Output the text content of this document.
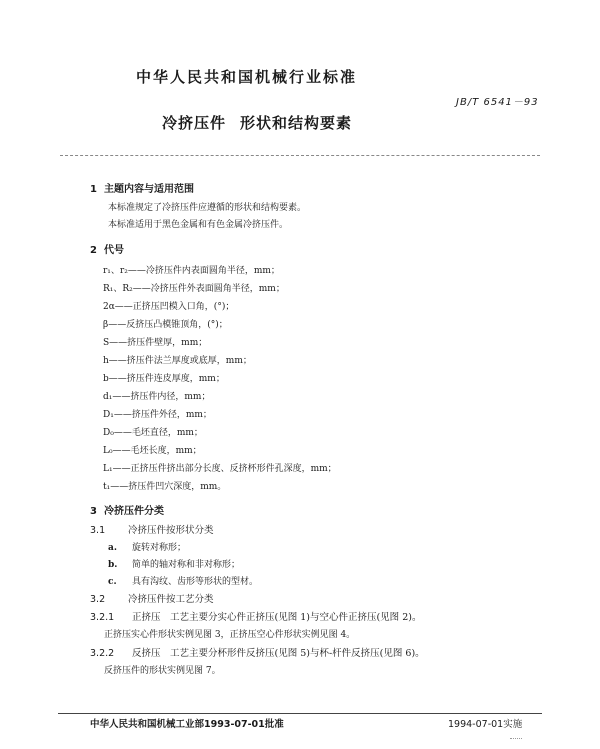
中华人民共和国机械行业标准
JB/T 6541－93
冷挤压件 形状和结构要素
1 主题内容与适用范围
本标准规定了冷挤压件应遵循的形状和结构要素。
本标准适用于黑色金属和有色金属冷挤压件。
2 代号
r₁、r₂——冷挤压件内表面圆角半径，mm；
R₁、R₂——冷挤压件外表面圆角半径，mm；
2α——正挤压凹模入口角，(°)；
β——反挤压凸模锥顶角，(°)；
S——挤压件壁厚，mm；
h——挤压件法兰厚度或底厚，mm；
b——挤压件连皮厚度，mm；
d₁——挤压件内径，mm；
D₁——挤压件外径，mm；
D₀——毛坯直径，mm；
L₀——毛坯长度，mm；
L₁——正挤压件挤出部分长度、反挤杯形件孔深度，mm；
t₁——挤压件凹穴深度，mm。
3 冷挤压件分类
3.1 冷挤压件按形状分类
a. 旋转对称形；
b. 简单的轴对称和非对称形；
c. 具有沟纹、齿形等形状的型材。
3.2 冷挤压件按工艺分类
3.2.1 正挤压　工艺主要分实心件正挤压(见图 1)与空心件正挤压(见图 2)。
正挤压实心件形状实例见图 3，正挤压空心件形状实例见图 4。
3.2.2 反挤压　工艺主要分杯形件反挤压(见图 5)与杯-杆件反挤压(见图 6)。
反挤压件的形状实例见图 7。
中华人民共和国机械工业部1993-07-01批准	1994-07-01实施
